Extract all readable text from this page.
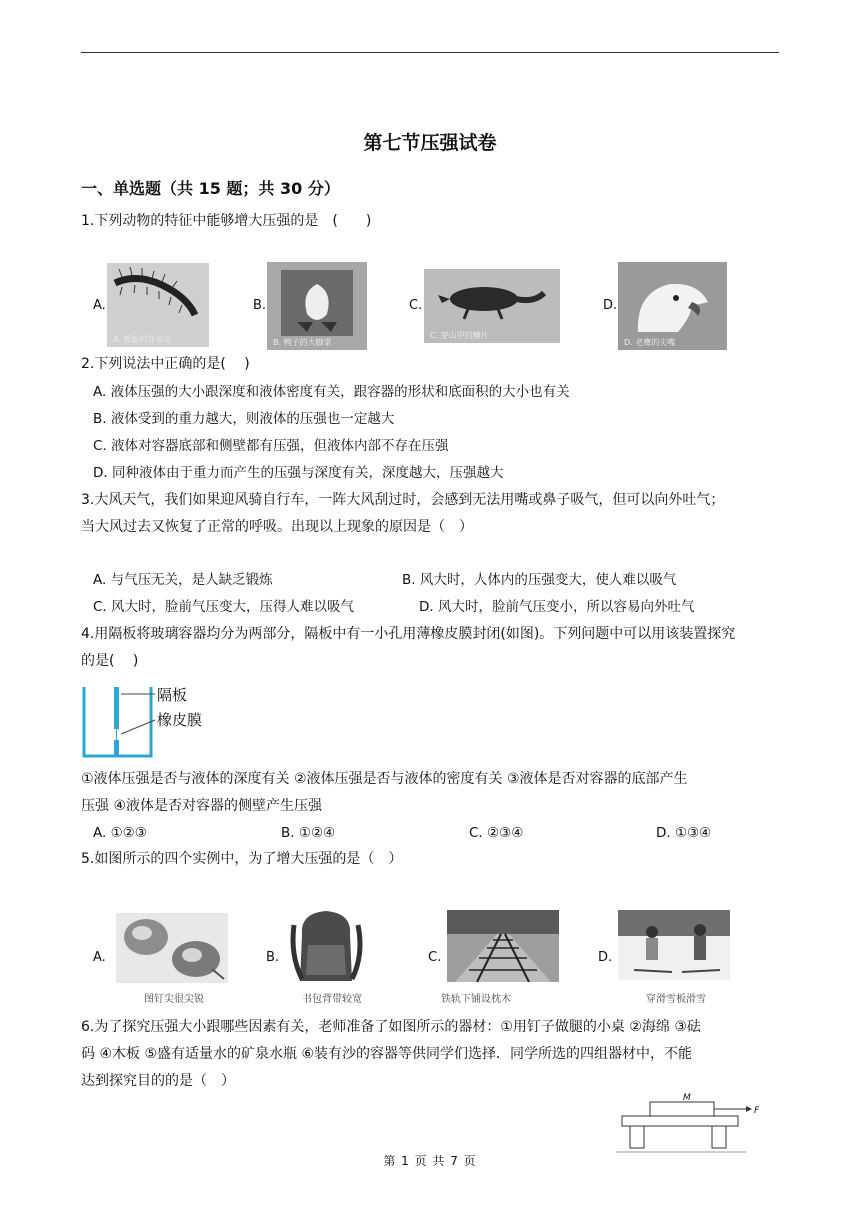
第七节压强试卷
一、单选题（共 15 题；共 30 分）
1.下列动物的特征中能够增大压强的是　(　　)
A.
A. 蜈蚣的许多足
B.
B. 鸭子的大脚掌
C.
C. 穿山甲的鳞片
D.
D. 老鹰的尖嘴
2.下列说法中正确的是(　 )
A. 液体压强的大小跟深度和液体密度有关，跟容器的形状和底面积的大小也有关
B. 液体受到的重力越大，则液体的压强也一定越大
C. 液体对容器底部和侧壁都有压强，但液体内部不存在压强
D. 同种液体由于重力而产生的压强与深度有关，深度越大，压强越大
3.大风天气，我们如果迎风骑自行车，一阵大风刮过时，会感到无法用嘴或鼻子吸气，但可以向外吐气；
当大风过去又恢复了正常的呼吸。出现以上现象的原因是（　）
A. 与气压无关，是人缺乏锻炼	B. 风大时，人体内的压强变大，使人难以吸气
C. 风大时，脸前气压变大，压得人难以吸气	D. 风大时，脸前气压变小，所以容易向外吐气
4.用隔板将玻璃容器均分为两部分，隔板中有一小孔用薄橡皮膜封闭(如图)。下列问题中可以用该装置探究
的是(　 )
隔板
橡皮膜
①液体压强是否与液体的深度有关 ②液体压强是否与液体的密度有关 ③液体是否对容器的底部产生
压强 ④液体是否对容器的侧壁产生压强
A. ①②③	B. ①②④	C. ②③④	D. ①③④
5.如图所示的四个实例中，为了增大压强的是（　）
A.
图钉尖很尖锐
B.
书包背带较宽
C.
铁轨下铺设枕木
D.
穿滑雪板滑雪
6.为了探究压强大小跟哪些因素有关，老师准备了如图所示的器材：①用钉子做腿的小桌 ②海绵 ③砝
码 ④木板 ⑤盛有适量水的矿泉水瓶 ⑥装有沙的容器等供同学们选择．同学所选的四组器材中，不能
达到探究目的的是（　）
M
F
第 1 页 共 7 页
